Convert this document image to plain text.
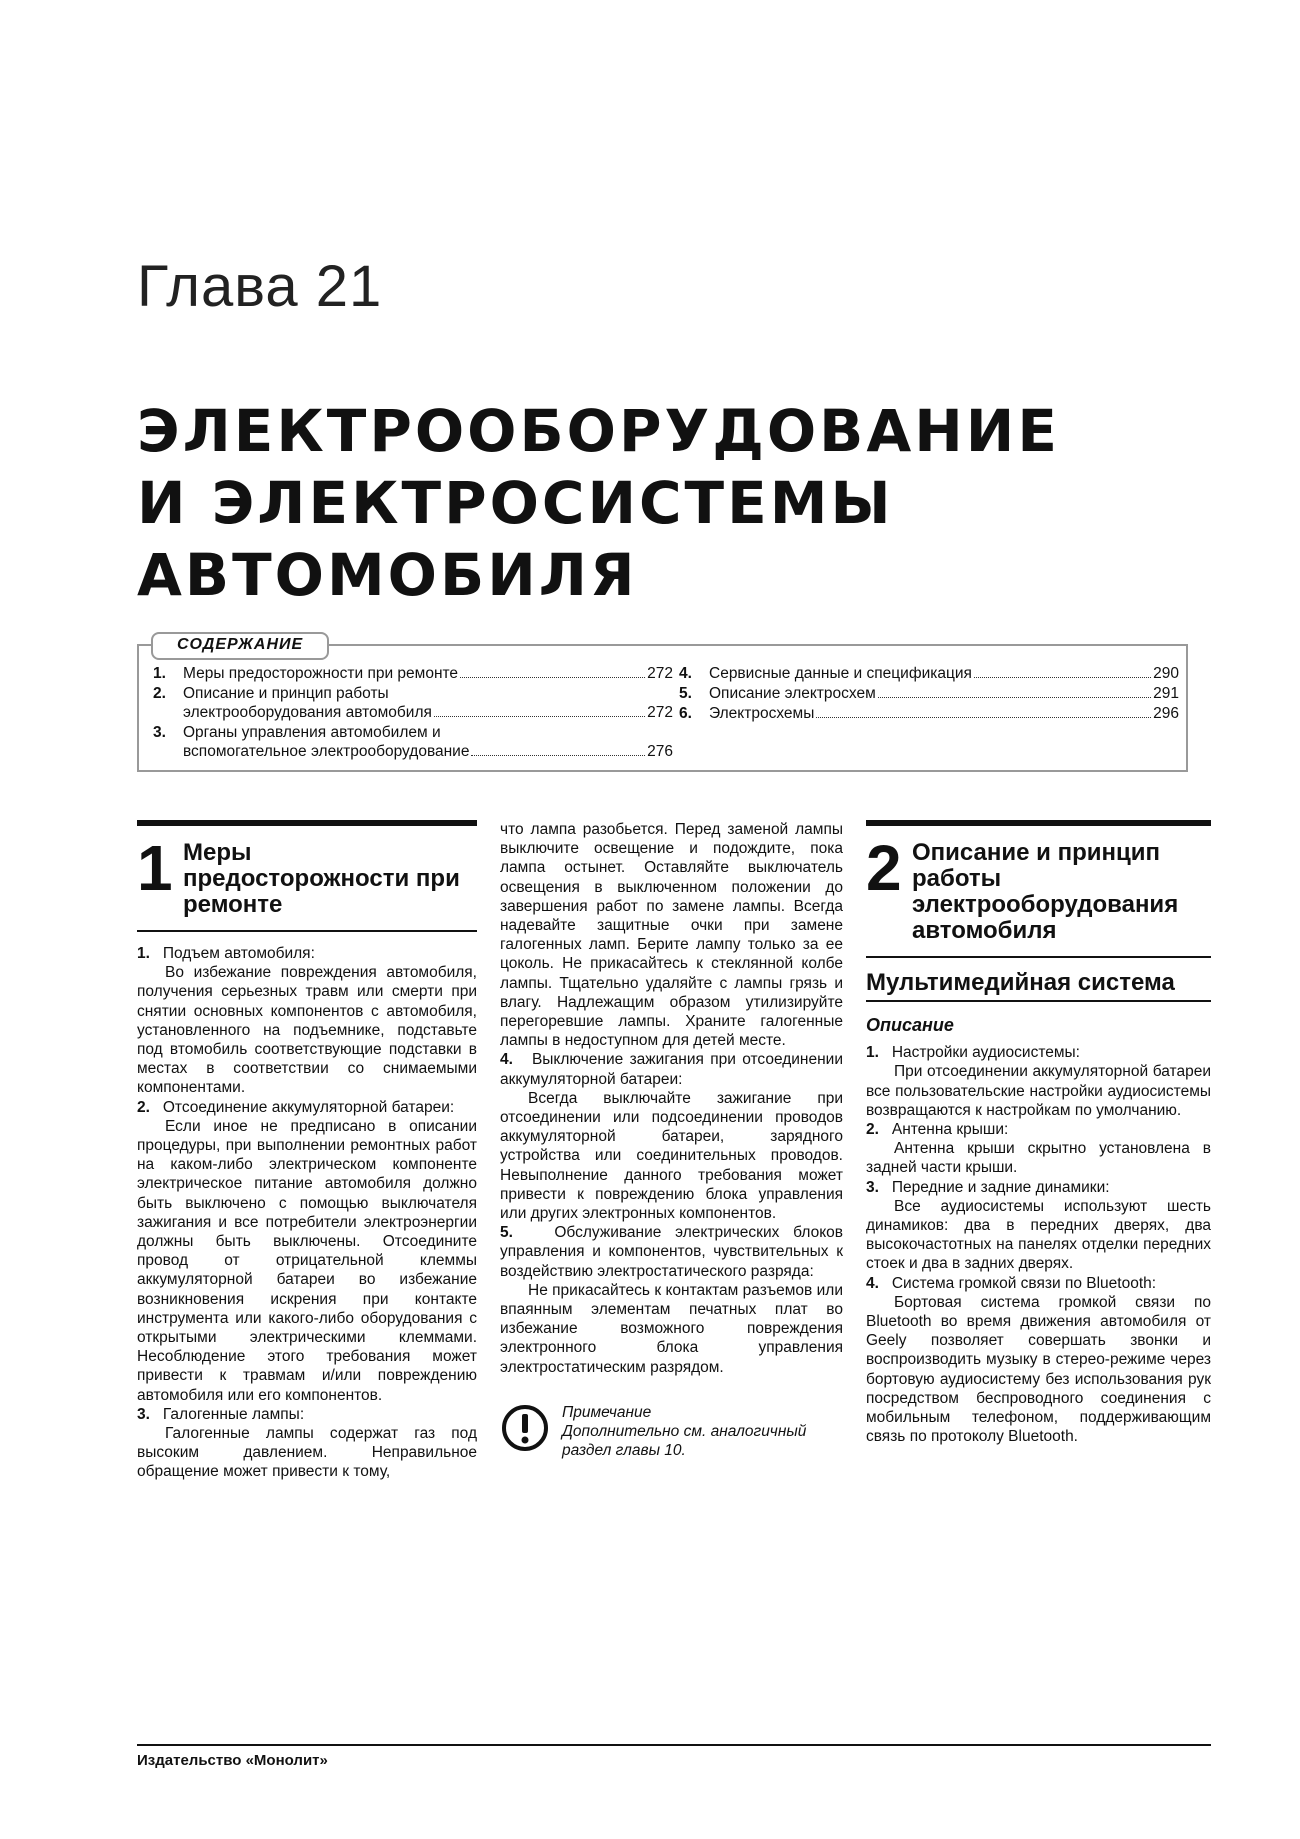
Глава 21
ЭЛЕКТРООБОРУДОВАНИЕ
И ЭЛЕКТРОСИСТЕМЫ
АВТОМОБИЛЯ
СОДЕРЖАНИЕ
1.	Меры предосторожности при ремонте	272
2.	Описание и принцип работы
электрооборудования автомобиля	272
3.	Органы управления автомобилем и
вспомогательное электрооборудование	276
4.	Сервисные данные и спецификация	290
5.	Описание электросхем	291
6.	Электросхемы	296
1 Меры предосторожности при ремонте

1. Подъем автомобиля:

Во избежание повреждения автомобиля, получения серьезных травм или смерти при снятии основных компонентов с автомобиля, установленного на подъемнике, подставьте под втомобиль соответствующие подставки в местах в соответствии со снимаемыми компонентами.

2. Отсоединение аккумуляторной батареи:

Если иное не предписано в описании процедуры, при выполнении ремонтных работ на каком-либо электрическом компоненте электрическое питание автомобиля должно быть выключено с помощью выключателя зажигания и все потребители электроэнергии должны быть выключены. Отсоедините провод от отрицательной клеммы аккумуляторной батареи во избежание возникновения искрения при контакте инструмента или какого-либо оборудования с открытыми электрическими клеммами. Несоблюдение этого требования может привести к травмам и/или повреждению автомобиля или его компонентов.

3. Галогенные лампы:

Галогенные лампы содержат газ под высоким давлением. Неправильное обращение может привести к тому,

что лампа разобьется. Перед заменой лампы выключите освещение и подождите, пока лампа остынет. Оставляйте выключатель освещения в выключенном положении до завершения работ по замене лампы. Всегда надевайте защитные очки при замене галогенных ламп. Берите лампу только за ее цоколь. Не прикасайтесь к стеклянной колбе лампы. Тщательно удаляйте с лампы грязь и влагу. Надлежащим образом утилизируйте перегоревшие лампы. Храните галогенные лампы в недоступном для детей месте.

4. Выключение зажигания при отсоединении аккумуляторной батареи:

Всегда выключайте зажигание при отсоединении или подсоединении проводов аккумуляторной батареи, зарядного устройства или соединительных проводов. Невыполнение данного требования может привести к повреждению блока управления или других электронных компонентов.

5.	Обслуживание электрических блоков управления и компонентов, чувствительных к воздействию электростатического разряда:

Не прикасайтесь к контактам разъемов или впаянным элементам печатных плат во избежание возможного повреждения электронного блока управления электростатическим разрядом.

Примечание
Дополнительно см. аналогичный раздел главы 10.
2 Описание и принцип работы электрооборудования автомобиля
Мультимедийная система
Описание

1. Настройки аудиосистемы:

При отсоединении аккумуляторной батареи все пользовательские настройки аудиосистемы возвращаются к настройкам по умолчанию.

2. Антенна крыши:

Антенна крыши скрытно установлена в задней части крыши.

3. Передние и задние динамики:

Все аудиосистемы используют шесть динамиков: два в передних дверях, два высокочастотных на панелях отделки передних стоек и два в задних дверях.

4. Система громкой связи по Bluetooth:

Бортовая система громкой связи по Bluetooth во время движения автомобиля от Geely позволяет совершать звонки и воспроизводить музыку в стерео-режиме через бортовую аудиосистему без использования рук посредством беспроводного соединения с мобильным телефоном, поддерживающим связь по протоколу Bluetooth.

Издательство «Монолит»
